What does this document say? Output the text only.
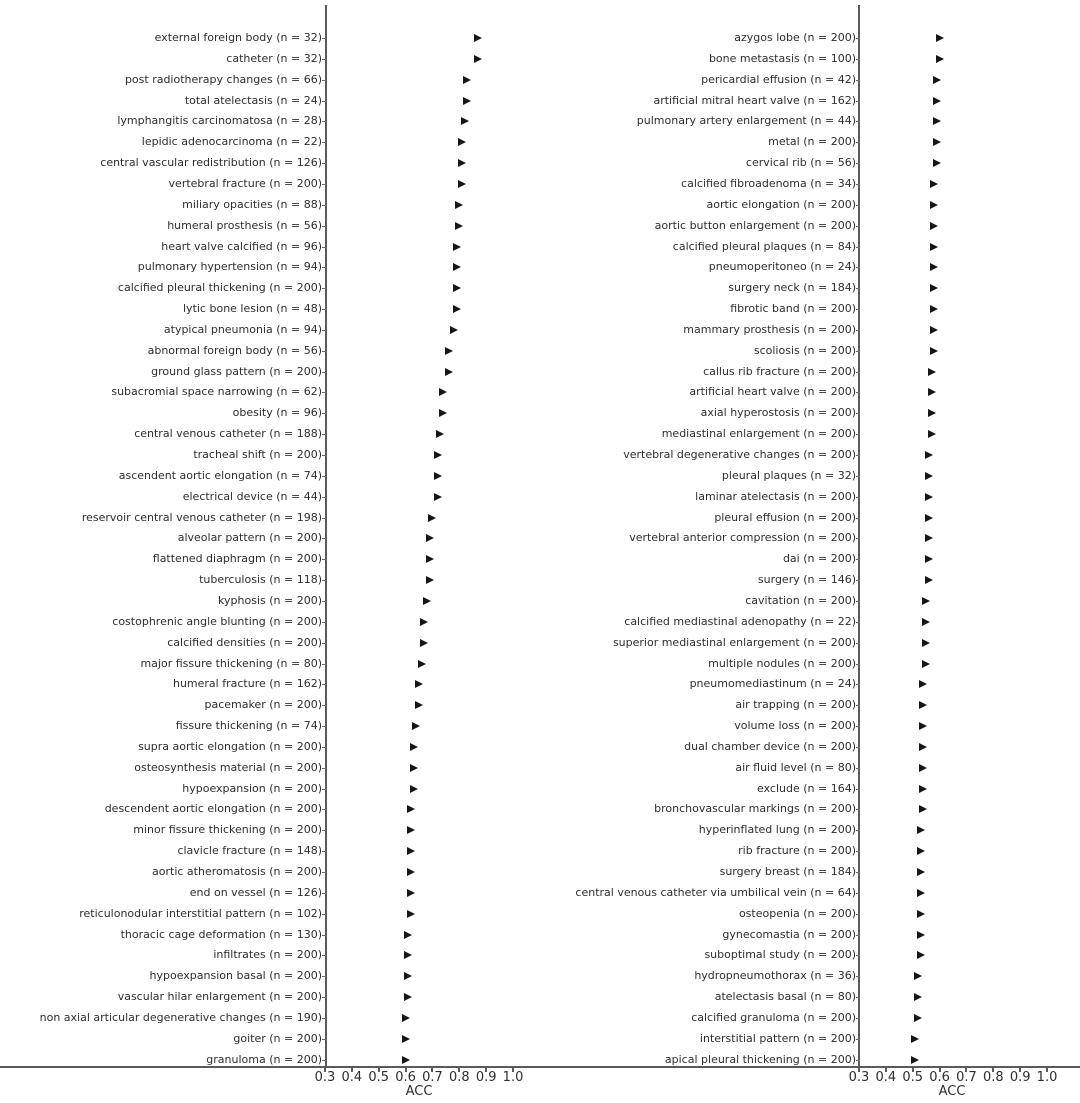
ACC
0.3 0.4 0.5 0.6 0.7 0.8 0.9 1.0
external foreign body (n = 32)
catheter (n = 32)
post radiotherapy changes (n = 66)
total atelectasis (n = 24)
lymphangitis carcinomatosa (n = 28)
lepidic adenocarcinoma (n = 22)
central vascular redistribution (n = 126)
vertebral fracture (n = 200)
miliary opacities (n = 88)
humeral prosthesis (n = 56)
heart valve calcified (n = 96)
pulmonary hypertension (n = 94)
calcified pleural thickening (n = 200)
lytic bone lesion (n = 48)
atypical pneumonia (n = 94)
abnormal foreign body (n = 56)
ground glass pattern (n = 200)
subacromial space narrowing (n = 62)
obesity (n = 96)
central venous catheter (n = 188)
tracheal shift (n = 200)
ascendent aortic elongation (n = 74)
electrical device (n = 44)
reservoir central venous catheter (n = 198)
alveolar pattern (n = 200)
flattened diaphragm (n = 200)
tuberculosis (n = 118)
kyphosis (n = 200)
costophrenic angle blunting (n = 200)
calcified densities (n = 200)
major fissure thickening (n = 80)
humeral fracture (n = 162)
pacemaker (n = 200)
fissure thickening (n = 74)
supra aortic elongation (n = 200)
osteosynthesis material (n = 200)
hypoexpansion (n = 200)
descendent aortic elongation (n = 200)
minor fissure thickening (n = 200)
clavicle fracture (n = 148)
aortic atheromatosis (n = 200)
end on vessel (n = 126)
reticulonodular interstitial pattern (n = 102)
thoracic cage deformation (n = 130)
infiltrates (n = 200)
hypoexpansion basal (n = 200)
vascular hilar enlargement (n = 200)
non axial articular degenerative changes (n = 190)
goiter (n = 200)
granuloma (n = 200)
ACC
0.3 0.4 0.5 0.6 0.7 0.8 0.9 1.0
azygos lobe (n = 200)
bone metastasis (n = 100)
pericardial effusion (n = 42)
artificial mitral heart valve (n = 162)
pulmonary artery enlargement (n = 44)
metal (n = 200)
cervical rib (n = 56)
calcified fibroadenoma (n = 34)
aortic elongation (n = 200)
aortic button enlargement (n = 200)
calcified pleural plaques (n = 84)
pneumoperitoneo (n = 24)
surgery neck (n = 184)
fibrotic band (n = 200)
mammary prosthesis (n = 200)
scoliosis (n = 200)
callus rib fracture (n = 200)
artificial heart valve (n = 200)
axial hyperostosis (n = 200)
mediastinal enlargement (n = 200)
vertebral degenerative changes (n = 200)
pleural plaques (n = 32)
laminar atelectasis (n = 200)
pleural effusion (n = 200)
vertebral anterior compression (n = 200)
dai (n = 200)
surgery (n = 146)
cavitation (n = 200)
calcified mediastinal adenopathy (n = 22)
superior mediastinal enlargement (n = 200)
multiple nodules (n = 200)
pneumomediastinum (n = 24)
air trapping (n = 200)
volume loss (n = 200)
dual chamber device (n = 200)
air fluid level (n = 80)
exclude (n = 164)
bronchovascular markings (n = 200)
hyperinflated lung (n = 200)
rib fracture (n = 200)
surgery breast (n = 184)
central venous catheter via umbilical vein (n = 64)
osteopenia (n = 200)
gynecomastia (n = 200)
suboptimal study (n = 200)
hydropneumothorax (n = 36)
atelectasis basal (n = 80)
calcified granuloma (n = 200)
interstitial pattern (n = 200)
apical pleural thickening (n = 200)
